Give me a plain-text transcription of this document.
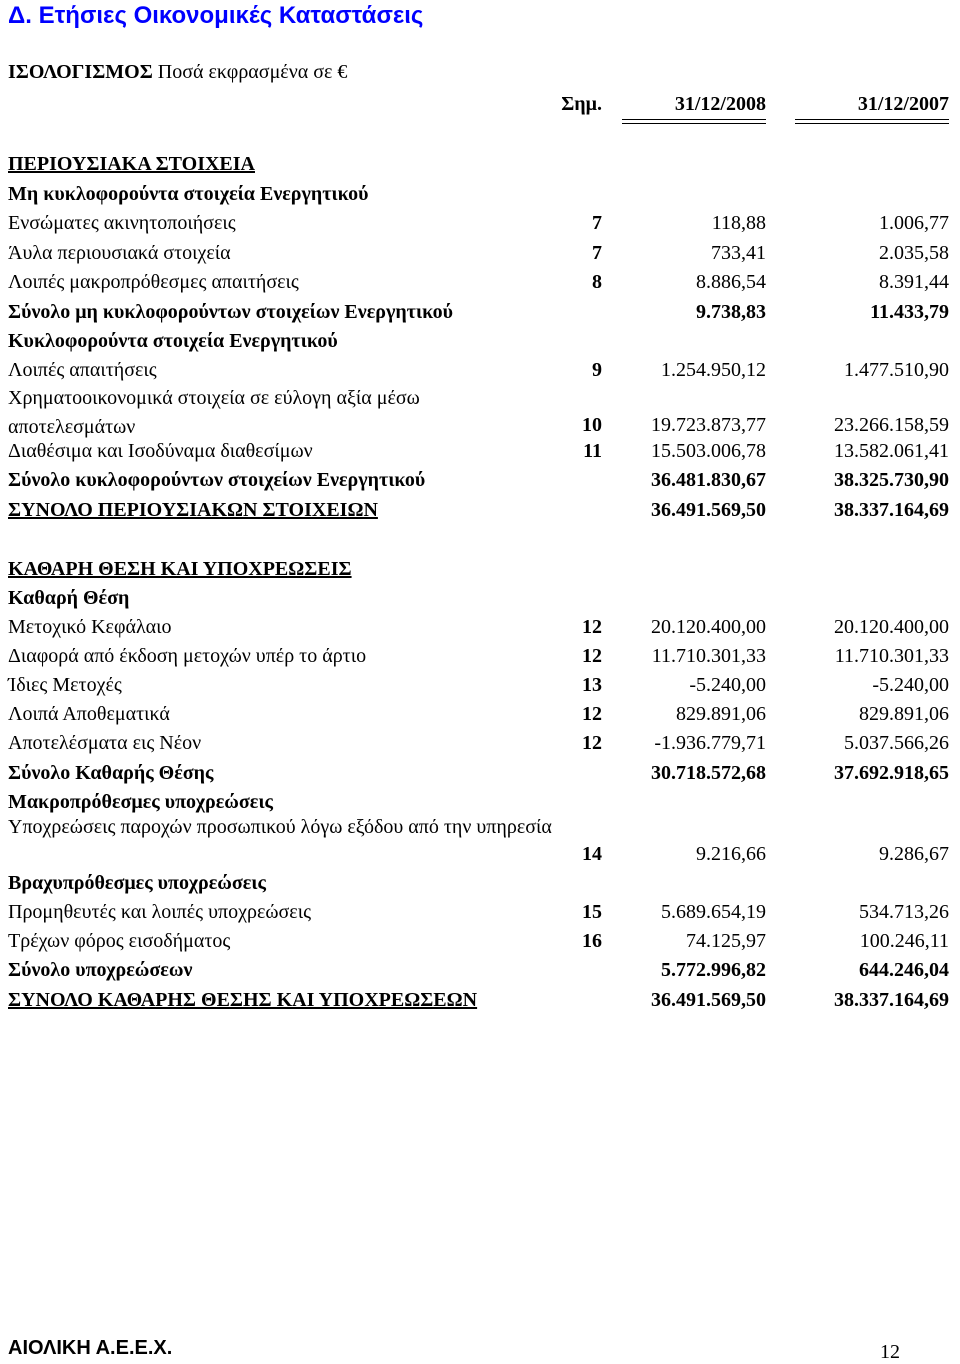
Δ. Ετήσιες Οικονομικές Καταστάσεις
ΙΣΟΛΟΓΙΣΜΟΣ Ποσά εκφρασμένα σε €
Σημ.	31/12/2008	31/12/2007
ΠΕΡΙΟΥΣΙΑΚΑ ΣΤΟΙΧΕΙΑ
Μη κυκλοφορούντα στοιχεία Ενεργητικού
Ενσώματες ακινητοποιήσεις	7	118,88	1.006,77
Άυλα περιουσιακά στοιχεία	7	733,41	2.035,58
Λοιπές μακροπρόθεσμες απαιτήσεις	8	8.886,54	8.391,44
Σύνολο μη κυκλοφορούντων στοιχείων Ενεργητικού	9.738,83	11.433,79
Κυκλοφορούντα στοιχεία Ενεργητικού
Λοιπές απαιτήσεις	9	1.254.950,12	1.477.510,90
Χρηματοοικονομικά στοιχεία σε εύλογη αξία μέσω αποτελεσμάτων	10	19.723.873,77	23.266.158,59
Διαθέσιμα και Ισοδύναμα διαθεσίμων	11	15.503.006,78	13.582.061,41
Σύνολο κυκλοφορούντων στοιχείων Ενεργητικού	36.481.830,67	38.325.730,90
ΣΥΝΟΛΟ ΠΕΡΙΟΥΣΙΑΚΩΝ ΣΤΟΙΧΕΙΩΝ	36.491.569,50	38.337.164,69
ΚΑΘΑΡΗ ΘΕΣΗ ΚΑΙ ΥΠΟΧΡΕΩΣΕΙΣ
Καθαρή Θέση
Μετοχικό Κεφάλαιο	12	20.120.400,00	20.120.400,00
Διαφορά από έκδοση μετοχών υπέρ το άρτιο	12	11.710.301,33	11.710.301,33
Ίδιες Μετοχές	13	-5.240,00	-5.240,00
Λοιπά Αποθεματικά	12	829.891,06	829.891,06
Αποτελέσματα εις Νέον	12	-1.936.779,71	5.037.566,26
Σύνολο Καθαρής Θέσης	30.718.572,68	37.692.918,65
Μακροπρόθεσμες υποχρεώσεις
Υποχρεώσεις παροχών προσωπικού λόγω εξόδου από την υπηρεσία
14	9.216,66	9.286,67
Βραχυπρόθεσμες υποχρεώσεις
Προμηθευτές και λοιπές υποχρεώσεις	15	5.689.654,19	534.713,26
Τρέχων φόρος εισοδήματος	16	74.125,97	100.246,11
Σύνολο υποχρεώσεων	5.772.996,82	644.246,04
ΣΥΝΟΛΟ ΚΑΘΑΡΗΣ ΘΕΣΗΣ ΚΑΙ ΥΠΟΧΡΕΩΣΕΩΝ	36.491.569,50	38.337.164,69
ΑΙΟΛΙΚΗ Α.Ε.Ε.Χ.	12
